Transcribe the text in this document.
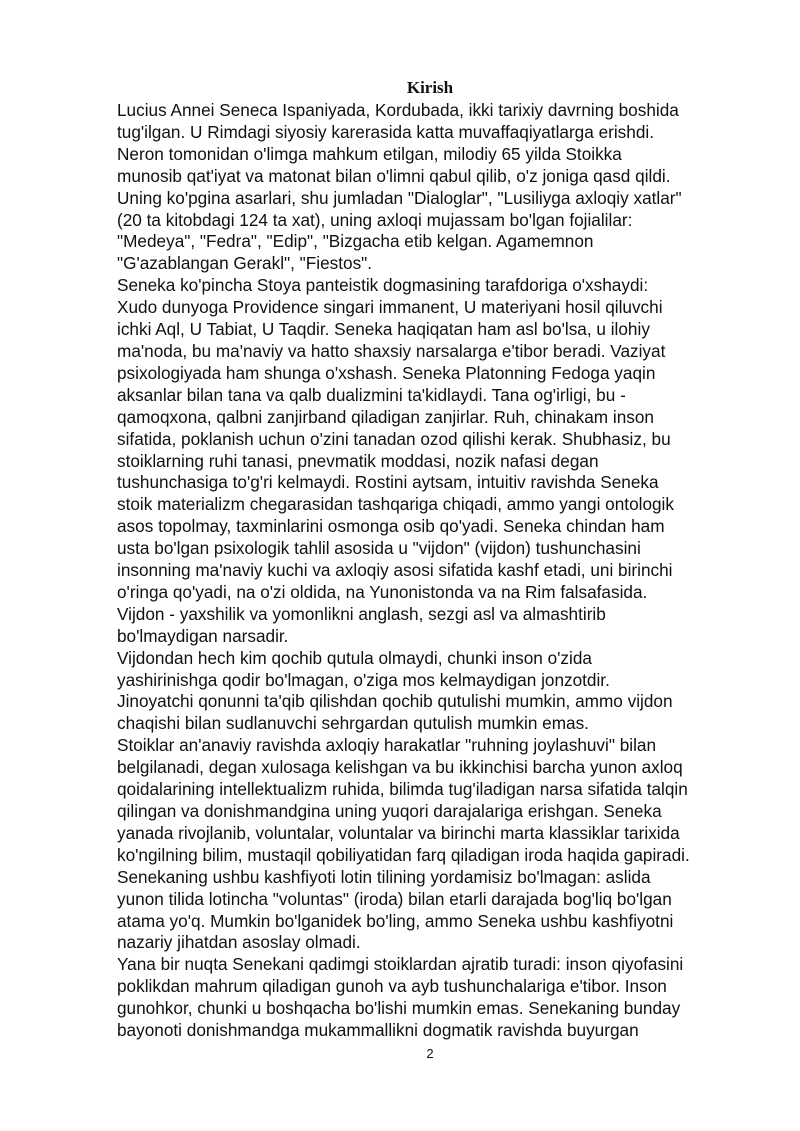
Kirish
Lucius Annei Seneca Ispaniyada, Kordubada, ikki tarixiy davrning boshida
tug'ilgan. U Rimdagi siyosiy karerasida katta muvaffaqiyatlarga erishdi.
Neron tomonidan o'limga mahkum etilgan, milodiy 65 yilda Stoikka
munosib qat'iyat va matonat bilan o'limni qabul qilib, o'z joniga qasd qildi.
Uning ko'pgina asarlari, shu jumladan "Dialoglar", "Lusiliyga axloqiy xatlar"
(20 ta kitobdagi 124 ta xat), uning axloqi mujassam bo'lgan fojialilar:
"Medeya", "Fedra", "Edip", "Bizgacha etib kelgan. Agamemnon
"G'azablangan Gerakl", "Fiestos".
Seneka ko'pincha Stoya panteistik dogmasining tarafdoriga o'xshaydi:
Xudo dunyoga Providence singari immanent, U materiyani hosil qiluvchi
ichki Aql, U Tabiat, U Taqdir. Seneka haqiqatan ham asl bo'lsa, u ilohiy
ma'noda, bu ma'naviy va hatto shaxsiy narsalarga e'tibor beradi. Vaziyat
psixologiyada ham shunga o'xshash. Seneka Platonning Fedoga yaqin
aksanlar bilan tana va qalb dualizmini ta'kidlaydi. Tana og'irligi, bu -
qamoqxona, qalbni zanjirband qiladigan zanjirlar. Ruh, chinakam inson
sifatida, poklanish uchun o'zini tanadan ozod qilishi kerak. Shubhasiz, bu
stoiklarning ruhi tanasi, pnevmatik moddasi, nozik nafasi degan
tushunchasiga to'g'ri kelmaydi. Rostini aytsam, intuitiv ravishda Seneka
stoik materializm chegarasidan tashqariga chiqadi, ammo yangi ontologik
asos topolmay, taxminlarini osmonga osib qo'yadi. Seneka chindan ham
usta bo'lgan psixologik tahlil asosida u "vijdon" (vijdon) tushunchasini
insonning ma'naviy kuchi va axloqiy asosi sifatida kashf etadi, uni birinchi
o'ringa qo'yadi, na o'zi oldida, na Yunonistonda va na Rim falsafasida.
Vijdon - yaxshilik va yomonlikni anglash, sezgi asl va almashtirib
bo'lmaydigan narsadir.
Vijdondan hech kim qochib qutula olmaydi, chunki inson o'zida
yashirinishga qodir bo'lmagan, o'ziga mos kelmaydigan jonzotdir.
Jinoyatchi qonunni ta'qib qilishdan qochib qutulishi mumkin, ammo vijdon
chaqishi bilan sudlanuvchi sehrgardan qutulish mumkin emas.
Stoiklar an'anaviy ravishda axloqiy harakatlar "ruhning joylashuvi" bilan
belgilanadi, degan xulosaga kelishgan va bu ikkinchisi barcha yunon axloq
qoidalarining intellektualizm ruhida, bilimda tug'iladigan narsa sifatida talqin
qilingan va donishmandgina uning yuqori darajalariga erishgan. Seneka
yanada rivojlanib, voluntalar, voluntalar va birinchi marta klassiklar tarixida
ko'ngilning bilim, mustaqil qobiliyatidan farq qiladigan iroda haqida gapiradi.
Senekaning ushbu kashfiyoti lotin tilining yordamisiz bo'lmagan: aslida
yunon tilida lotincha "voluntas" (iroda) bilan etarli darajada bog'liq bo'lgan
atama yo'q. Mumkin bo'lganidek bo'ling, ammo Seneka ushbu kashfiyotni
nazariy jihatdan asoslay olmadi.
Yana bir nuqta Senekani qadimgi stoiklardan ajratib turadi: inson qiyofasini
poklikdan mahrum qiladigan gunoh va ayb tushunchalariga e'tibor. Inson
gunohkor, chunki u boshqacha bo'lishi mumkin emas. Senekaning bunday
bayonoti donishmandga mukammallikni dogmatik ravishda buyurgan
2
